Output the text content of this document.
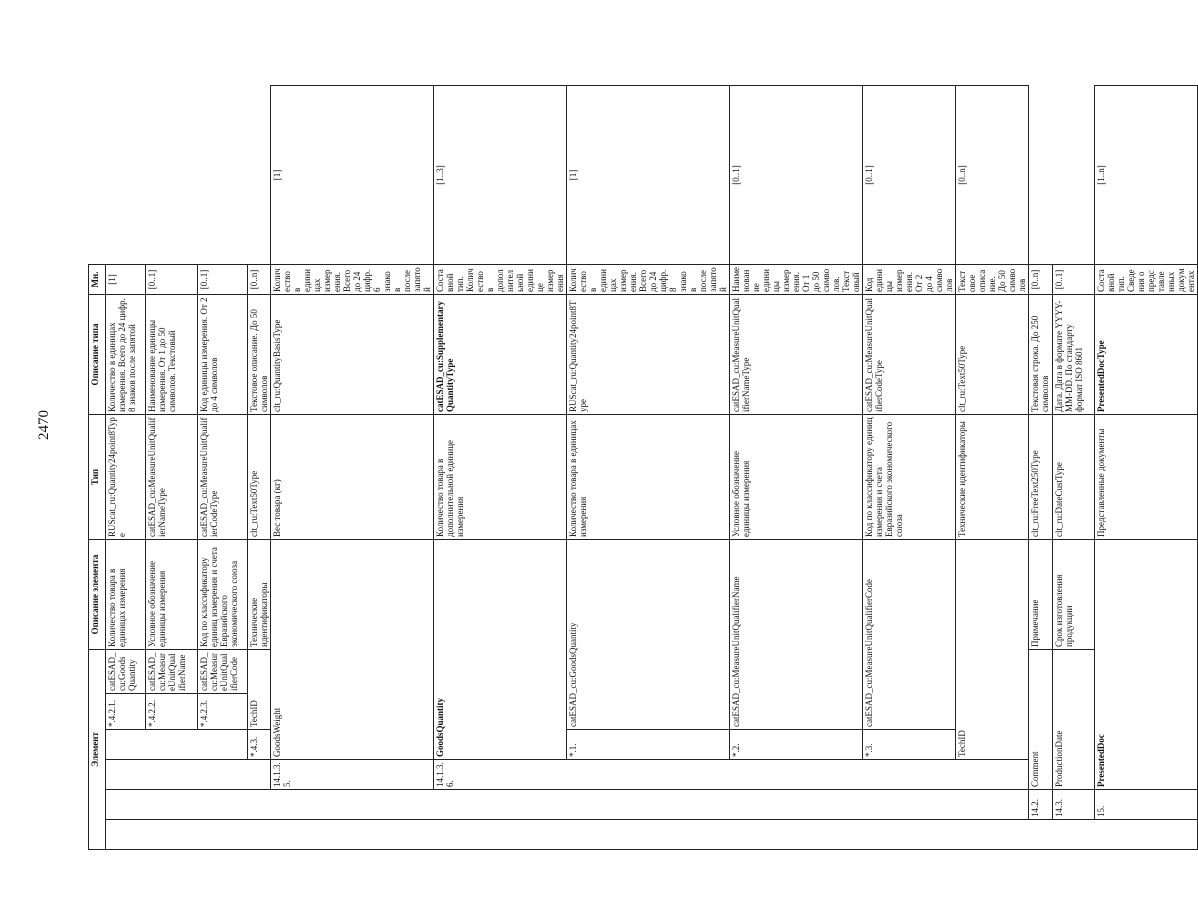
2470
Элемент						Описание элемента	Тип	Описание типа	Мн.	
				*.4.2.1.	catESAD_cu:GoodsQuantity	Количество товара в единицах измерения	RUScat_ru:Quantity24point8Type	Количество в единицах измерения. Всего до 24 цифр. 8 знаков после запятой	[1]	
				*.4.2.2.	catESAD_cu:MeasureUnitQualifierName	Условное обозначение единицы измерения	catESAD_cu:MeasureUnitQualifierNameType	Наименование единицы измерения. От 1 до 50 символов. Текстовый	[0..1]	
				*.4.2.3.	catESAD_cu:MeasureUnitQualifierCode	Код по классификатору единиц измерения и счета Евразийского экономического союза	catESAD_cu:MeasureUnitQualifierCodeType	Код единицы измерения. От 2 до 4 символов	[0..1]	
			*.4.3.	TechID		Технические идентификаторы	clt_ru:Text50Type	Текстовое описание. До 50 символов	[0..n]	
		14.1.3.5.	GoodsWeight				Вес товара (кг)	clt_ru:QuantityBasisType	Количество в единицах измерения. Всего до 24 цифр. 6 знаков после запятой	[1]
		14.1.3.6.	GoodsQuantity				Количество товара в дополнительной единице измерения	catESAD_cu:SupplementaryQuantityType	Составной тип. Количество в дополнительной единице измерения	[1..3]
			*.1.	catESAD_cu:GoodsQuantity			Количество товара в единицах измерения	RUScat_ru:Quantity24point8Type	Количество в единицах измерения. Всего до 24 цифр. 8 знаков после запятой	[1]
			*.2.	catESAD_cu:MeasureUnitQualifierName			Условное обозначение единицы измерения	catESAD_cu:MeasureUnitQualifierNameType	Наименование единицы измерения. От 1 до 50 символов. Текстовый	[0..1]
			*.3.	catESAD_cu:MeasureUnitQualifierCode			Код по классификатору единиц измерения и счета Евразийского экономического союза	catESAD_cu:MeasureUnitQualifierCodeType	Код единицы измерения. От 2 до 4 символов	[0..1]
			TechID				Технические идентификаторы	clt_ru:Text50Type	Текстовое описание. До 50 символов	[0..n]
	14.2.	Comment				Примечание	clt_ru:FreeText250Type	Текстовая строка. До 250 символов	[0..n]	
	14.3.	ProductionDate				Срок изготовления продукции	clt_ru:DateCustType	Дата. Дата в формате YYYY-MM-DD. По стандарту формат ISO 8601	[0..1]	
	15.	PresentedDoc					Представленные документы	PresentedDocType	Составной тип. Сведения о представленных документах	[1..n]
